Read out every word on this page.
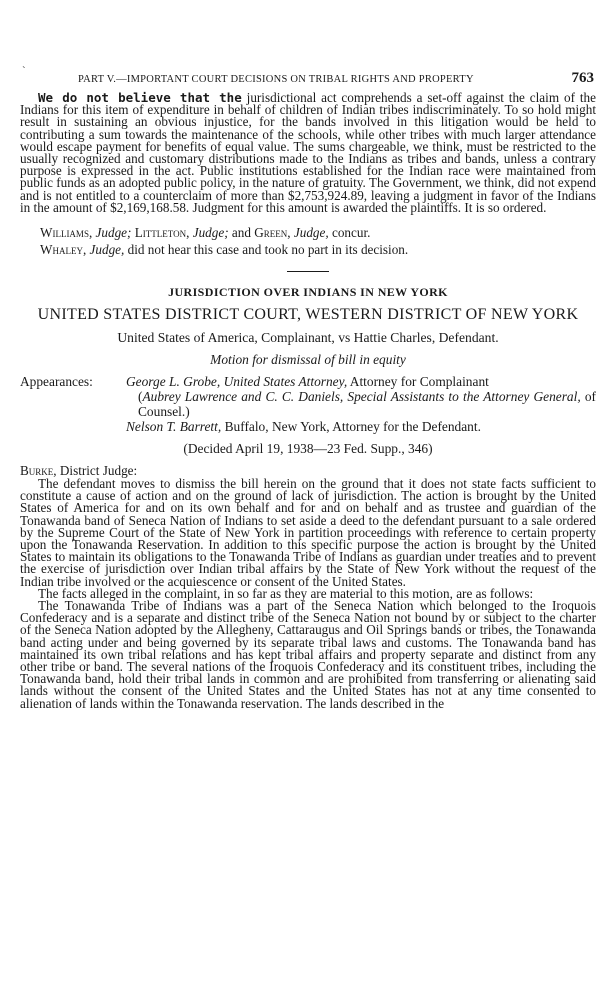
`
PART V.—IMPORTANT COURT DECISIONS ON TRIBAL RIGHTS AND PROPERTY	763

We do not believe that the jurisdictional act comprehends a set-off against the claim of the Indians for this item of expenditure in behalf of children of Indian tribes indiscriminately. To so hold might result in sustaining an obvious injustice, for the bands involved in this litigation would be held to contributing a sum towards the maintenance of the schools, while other tribes with much larger attendance would escape payment for benefits of equal value. The sums chargeable, we think, must be restricted to the usually recognized and customary distributions made to the Indians as tribes and bands, unless a contrary purpose is expressed in the act. Public institutions established for the Indian race were maintained from public funds as an adopted public policy, in the nature of gratuity. The Government, we think, did not expend and is not entitled to a counterclaim of more than $2,753,924.89, leaving a judgment in favor of the Indians in the amount of $2,169,168.58. Judgment for this amount is awarded the plaintiffs. It is so ordered.

Williams, Judge; Littleton, Judge; and Green, Judge, concur.
Whaley, Judge, did not hear this case and took no part in its decision.
JURISDICTION OVER INDIANS IN NEW YORK
UNITED STATES DISTRICT COURT, WESTERN DISTRICT OF NEW YORK
United States of America, Complainant, vs Hattie Charles, Defendant.
Motion for dismissal of bill in equity
Appearances:	George L. Grobe, United States Attorney, Attorney for Complainant
(Aubrey Lawrence and C. C. Daniels, Special Assistants to the Attorney General, of Counsel.)
Nelson T. Barrett, Buffalo, New York, Attorney for the Defendant.
(Decided April 19, 1938—23 Fed. Supp., 346)
Burke, District Judge:

The defendant moves to dismiss the bill herein on the ground that it does not state facts sufficient to constitute a cause of action and on the ground of lack of jurisdiction. The action is brought by the United States of America for and on its own behalf and for and on behalf and as trustee and guardian of the Tonawanda band of Seneca Nation of Indians to set aside a deed to the defendant pursuant to a sale ordered by the Supreme Court of the State of New York in partition proceedings with reference to certain property upon the Tonawanda Reservation. In addition to this specific purpose the action is brought by the United States to maintain its obligations to the Tonawanda Tribe of Indians as guardian under treaties and to prevent the exercise of jurisdiction over Indian tribal affairs by the State of New York without the request of the Indian tribe involved or the acquiescence or consent of the United States.

The facts alleged in the complaint, in so far as they are material to this motion, are as follows:

The Tonawanda Tribe of Indians was a part of the Seneca Nation which belonged to the Iroquois Confederacy and is a separate and distinct tribe of the Seneca Nation not bound by or subject to the charter of the Seneca Nation adopted by the Allegheny, Cattaraugus and Oil Springs bands or tribes, the Tonawanda band acting under and being governed by its separate tribal laws and customs. The Tonawanda band has maintained its own tribal relations and has kept tribal affairs and property separate and distinct from any other tribe or band. The several nations of the Iroquois Confederacy and its constituent tribes, including the Tonawanda band, hold their tribal lands in common and are prohibited from transferring or alienating said lands without the consent of the United States and the United States has not at any time consented to alienation of lands within the Tonawanda reservation. The lands described in the
